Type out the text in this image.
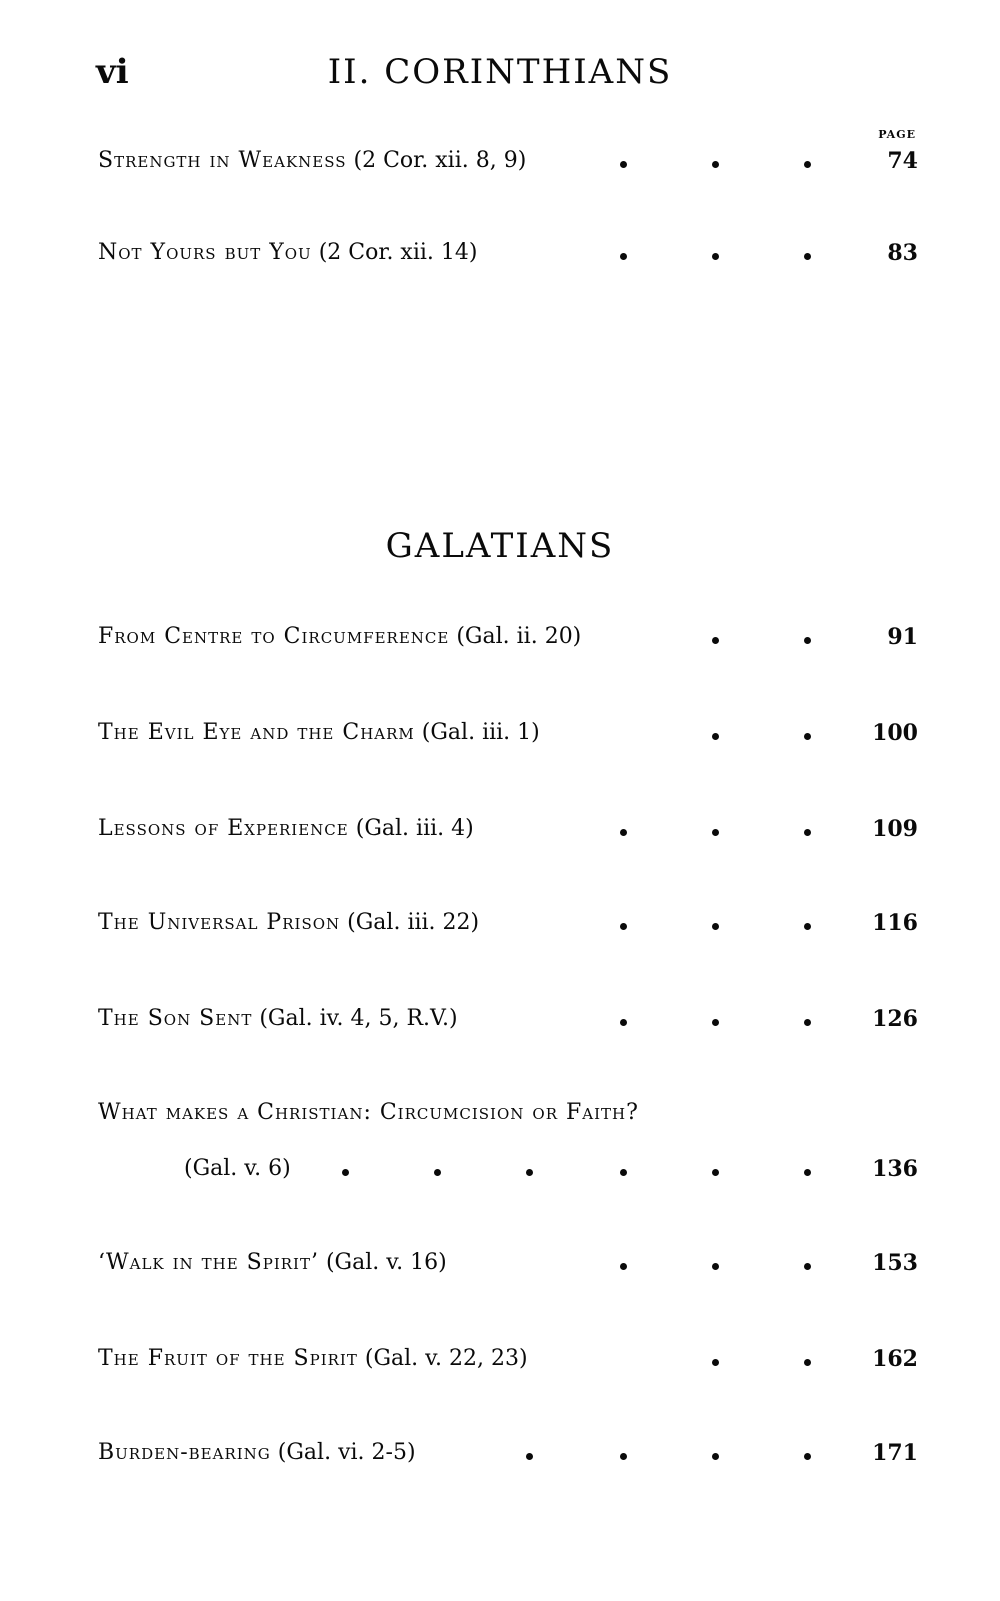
vi	II. CORINTHIANS
PAGE
Strength in Weakness (2 Cor. xii. 8, 9)	74
Not Yours but You (2 Cor. xii. 14)	83
GALATIANS
From Centre to Circumference (Gal. ii. 20)	91
The Evil Eye and the Charm (Gal. iii. 1)	100
Lessons of Experience (Gal. iii. 4)	109
The Universal Prison (Gal. iii. 22)	116
The Son Sent (Gal. iv. 4, 5, R.V.)	126
What makes a Christian: Circumcision or Faith?
(Gal. v. 6)	136
‘Walk in the Spirit’ (Gal. v. 16)	153
The Fruit of the Spirit (Gal. v. 22, 23)	162
Burden-bearing (Gal. vi. 2-5)	171
